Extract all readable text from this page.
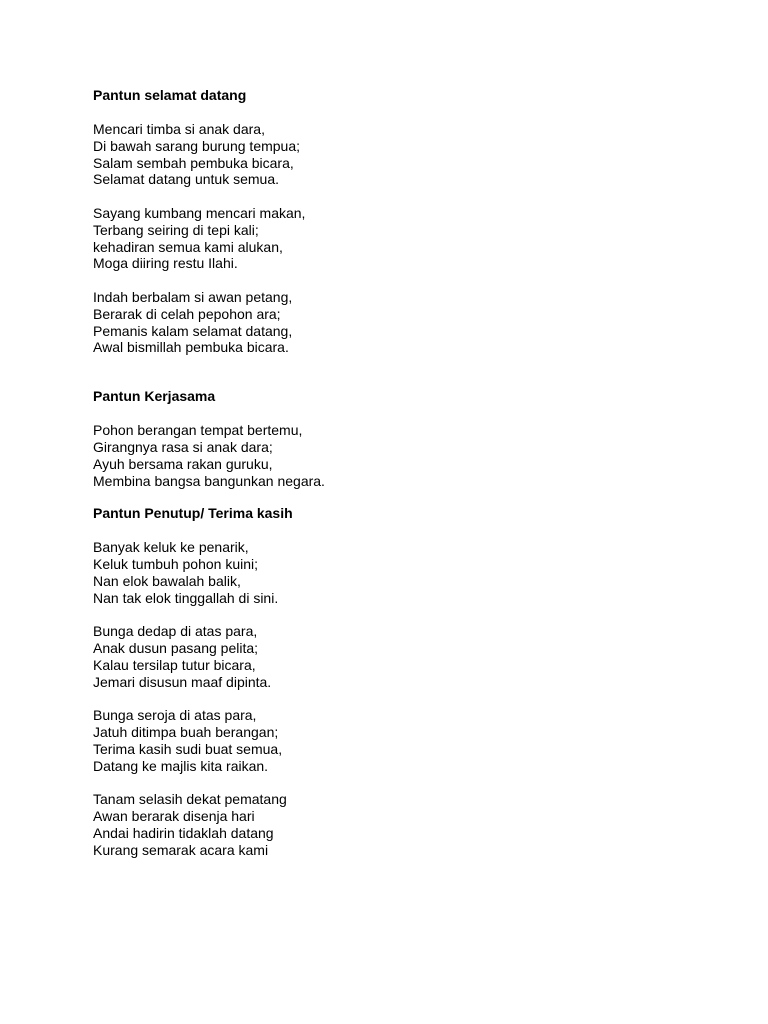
Pantun selamat datang
Mencari timba si anak dara,
Di bawah sarang burung tempua;
Salam sembah pembuka bicara,
Selamat datang untuk semua.
Sayang kumbang mencari makan,
Terbang seiring di tepi kali;
kehadiran semua kami alukan,
Moga diiring restu Ilahi.
Indah berbalam si awan petang,
Berarak di celah pepohon ara;
Pemanis kalam selamat datang,
Awal bismillah pembuka bicara.
Pantun Kerjasama
Pohon berangan tempat bertemu,
Girangnya rasa si anak dara;
Ayuh bersama rakan guruku,
Membina bangsa bangunkan negara.
Pantun Penutup/ Terima kasih
Banyak keluk ke penarik,
Keluk tumbuh pohon kuini;
Nan elok bawalah balik,
Nan tak elok tinggallah di sini.
Bunga dedap di atas para,
Anak dusun pasang pelita;
Kalau tersilap tutur bicara,
Jemari disusun maaf dipinta.
Bunga seroja di atas para,
Jatuh ditimpa buah berangan;
Terima kasih sudi buat semua,
Datang ke majlis kita raikan.
Tanam selasih dekat pematang
Awan berarak disenja hari
Andai hadirin tidaklah datang
Kurang semarak acara kami
